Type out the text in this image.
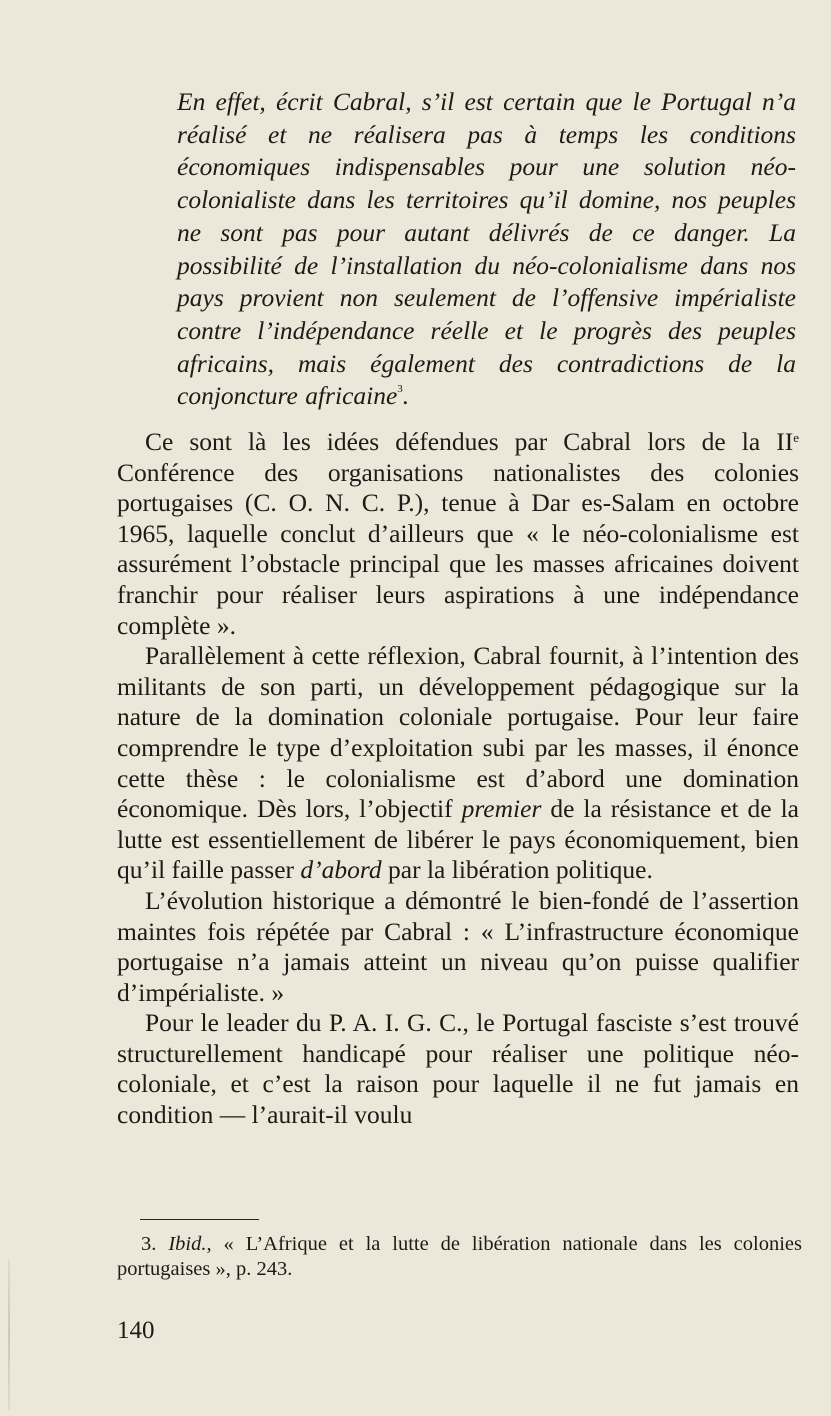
En effet, écrit Cabral, s’il est certain que le Portugal n’a réalisé et ne réalisera pas à temps les conditions économiques indispensables pour une solution néo-colonialiste dans les territoires qu’il domine, nos peuples ne sont pas pour autant délivrés de ce danger. La possibilité de l’installation du néo-colonialisme dans nos pays provient non seulement de l’offensive impérialiste contre l’indépendance réelle et le progrès des peuples africains, mais également des contradictions de la conjoncture africaine$^3$.

Ce sont là les idées défendues par Cabral lors de la IIe Conférence des organisations nationalistes des colonies portugaises (C. O. N. C. P.), tenue à Dar es-Salam en octobre 1965, laquelle conclut d’ailleurs que « le néo-colonialisme est assurément l’obstacle principal que les masses africaines doivent franchir pour réaliser leurs aspirations à une indépendance complète ».

Parallèlement à cette réflexion, Cabral fournit, à l’intention des militants de son parti, un développement pédagogique sur la nature de la domination coloniale portugaise. Pour leur faire comprendre le type d’exploitation subi par les masses, il énonce cette thèse : le colonialisme est d’abord une domination économique. Dès lors, l’objectif premier de la résistance et de la lutte est essentiellement de libérer le pays économiquement, bien qu’il faille passer d’abord par la libération politique.

L’évolution historique a démontré le bien-fondé de l’assertion maintes fois répétée par Cabral : « L’infrastructure économique portugaise n’a jamais atteint un niveau qu’on puisse qualifier d’impérialiste. »

Pour le leader du P. A. I. G. C., le Portugal fasciste s’est trouvé structurellement handicapé pour réaliser une politique néo-coloniale, et c’est la raison pour laquelle il ne fut jamais en condition — l’aurait-il voulu

3. Ibid., « L’Afrique et la lutte de libération nationale dans les colonies portugaises », p. 243.

140
